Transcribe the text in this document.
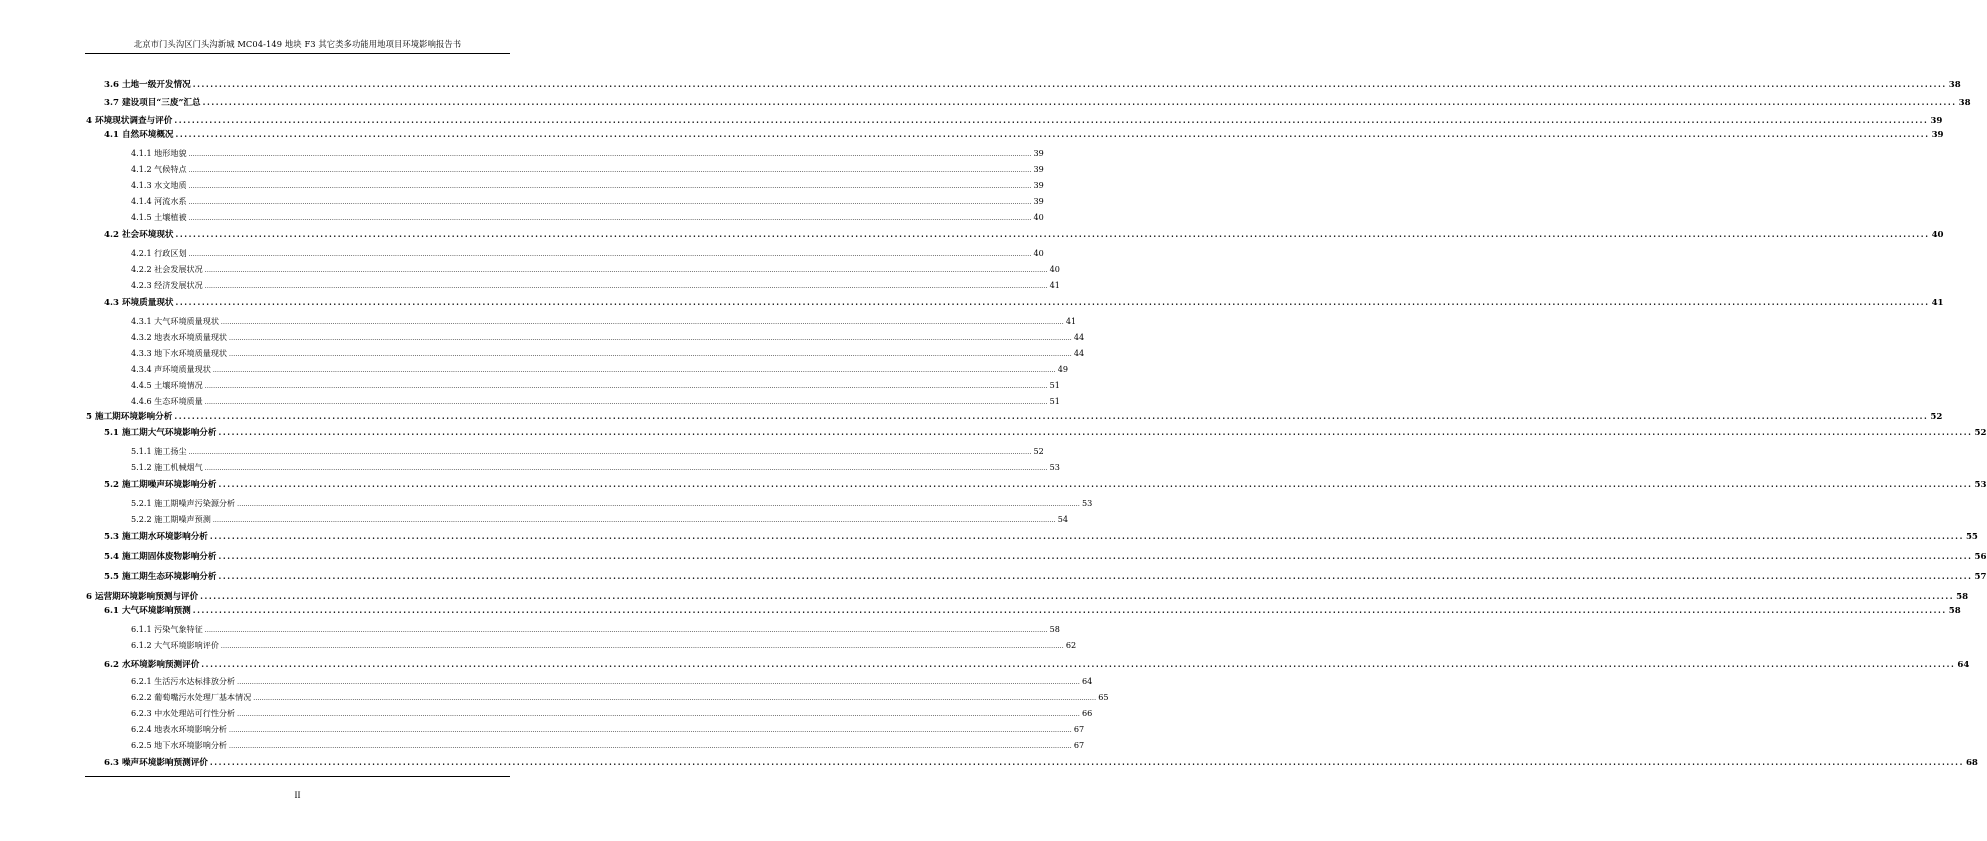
北京市门头沟区门头沟新城 MC04-149 地块 F3 其它类多功能用地项目环境影响报告书
3.6 土地一级开发情况 ................................................................................................................................................................................................................................................................................................................................................................................................................ 38
3.7 建设项目“三废”汇总 ................................................................................................................................................................................................................................................................................................................................................................................................................ 38
4 环境现状调查与评价 ................................................................................................................................................................................................................................................................................................................................................................................................................ 39
4.1 自然环境概况 ................................................................................................................................................................................................................................................................................................................................................................................................................ 39
4.1.1 地形地貌 ................................................................................................................................................................................................................................................................................................................................................................................................................ 39
4.1.2 气候特点 ................................................................................................................................................................................................................................................................................................................................................................................................................ 39
4.1.3 水文地质 ................................................................................................................................................................................................................................................................................................................................................................................................................ 39
4.1.4 河流水系 ................................................................................................................................................................................................................................................................................................................................................................................................................ 39
4.1.5 土壤植被 ................................................................................................................................................................................................................................................................................................................................................................................................................ 40
4.2 社会环境现状 ................................................................................................................................................................................................................................................................................................................................................................................................................ 40
4.2.1 行政区划 ................................................................................................................................................................................................................................................................................................................................................................................................................ 40
4.2.2 社会发展状况 ................................................................................................................................................................................................................................................................................................................................................................................................................ 40
4.2.3 经济发展状况 ................................................................................................................................................................................................................................................................................................................................................................................................................ 41
4.3 环境质量现状 ................................................................................................................................................................................................................................................................................................................................................................................................................ 41
4.3.1 大气环境质量现状 ................................................................................................................................................................................................................................................................................................................................................................................................................ 41
4.3.2 地表水环境质量现状 ................................................................................................................................................................................................................................................................................................................................................................................................................ 44
4.3.3 地下水环境质量现状 ................................................................................................................................................................................................................................................................................................................................................................................................................ 44
4.3.4 声环境质量现状 ................................................................................................................................................................................................................................................................................................................................................................................................................ 49
4.4.5 土壤环境情况 ................................................................................................................................................................................................................................................................................................................................................................................................................ 51
4.4.6 生态环境质量 ................................................................................................................................................................................................................................................................................................................................................................................................................ 51
5 施工期环境影响分析 ................................................................................................................................................................................................................................................................................................................................................................................................................ 52
5.1 施工期大气环境影响分析 ................................................................................................................................................................................................................................................................................................................................................................................................................ 52
5.1.1 施工扬尘 ................................................................................................................................................................................................................................................................................................................................................................................................................ 52
5.1.2 施工机械烟气 ................................................................................................................................................................................................................................................................................................................................................................................................................ 53
5.2 施工期噪声环境影响分析 ................................................................................................................................................................................................................................................................................................................................................................................................................ 53
5.2.1 施工期噪声污染源分析 ................................................................................................................................................................................................................................................................................................................................................................................................................ 53
5.2.2 施工期噪声预测 ................................................................................................................................................................................................................................................................................................................................................................................................................ 54
5.3 施工期水环境影响分析 ................................................................................................................................................................................................................................................................................................................................................................................................................ 55
5.4 施工期固体废物影响分析 ................................................................................................................................................................................................................................................................................................................................................................................................................ 56
5.5 施工期生态环境影响分析 ................................................................................................................................................................................................................................................................................................................................................................................................................ 57
6 运营期环境影响预测与评价 ................................................................................................................................................................................................................................................................................................................................................................................................................ 58
6.1 大气环境影响预测 ................................................................................................................................................................................................................................................................................................................................................................................................................ 58
6.1.1 污染气象特征 ................................................................................................................................................................................................................................................................................................................................................................................................................ 58
6.1.2 大气环境影响评价 ................................................................................................................................................................................................................................................................................................................................................................................................................ 62
6.2 水环境影响预测评价 ................................................................................................................................................................................................................................................................................................................................................................................................................ 64
6.2.1 生活污水达标排放分析 ................................................................................................................................................................................................................................................................................................................................................................................................................ 64
6.2.2 葡萄嘴污水处理厂基本情况 ................................................................................................................................................................................................................................................................................................................................................................................................................ 65
6.2.3 中水处理站可行性分析 ................................................................................................................................................................................................................................................................................................................................................................................................................ 66
6.2.4 地表水环境影响分析 ................................................................................................................................................................................................................................................................................................................................................................................................................ 67
6.2.5 地下水环境影响分析 ................................................................................................................................................................................................................................................................................................................................................................................................................ 67
6.3 噪声环境影响预测评价 ................................................................................................................................................................................................................................................................................................................................................................................................................ 68
II
